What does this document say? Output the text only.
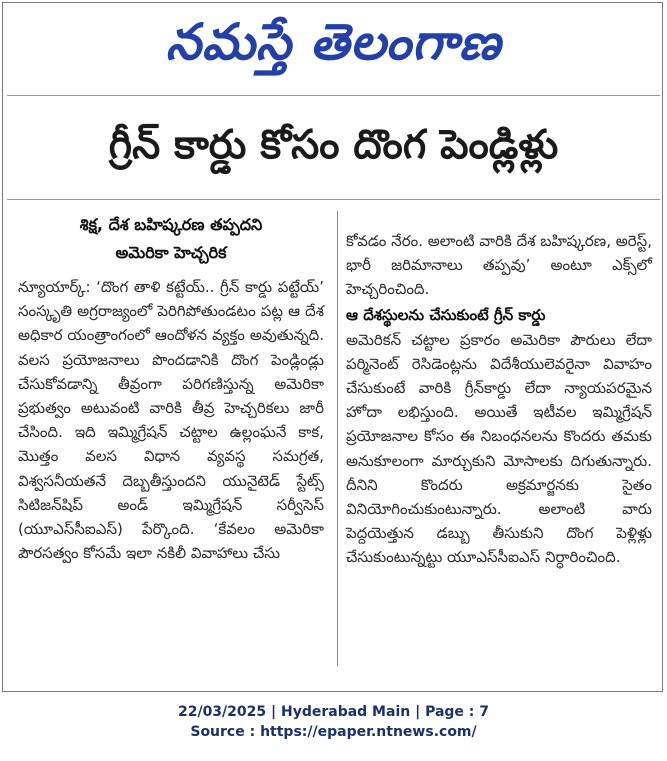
నమస్తే తెలంగాణ
గ్రీన్ కార్డు కోసం దొంగ పెండ్లిళ్లు
శిక్ష, దేశ బహిష్కరణ తప్పదని
అమెరికా హెచ్చరిక

న్యూయార్క్: ‘దొంగ తాళి కట్టేయ్.. గ్రీన్ కార్డు పట్టేయ్’ సంస్కృతి అగ్రరాజ్యంలో పెరిగిపోతుండటం పట్ల ఆ దేశ అధికార యంత్రాంగంలో ఆందోళన వ్యక్తం అవుతున్నది. వలస ప్రయోజనాలు పొందడానికి దొంగ పెండ్లిండ్లు చేసుకోవడాన్ని తీవ్రంగా పరిగణిస్తున్న అమెరికా ప్రభుత్వం అటువంటి వారికి తీవ్ర హెచ్చరికలు జారీ చేసింది. ఇది ఇమ్మిగ్రేషన్ చట్టాల ఉల్లంఘనే కాక, మొత్తం వలస విధాన వ్యవస్థ సమగ్రత, విశ్వసనీయతనే దెబ్బతీస్తుందని యునైటెడ్ స్టేట్స్ సిటిజన్‌షిప్ అండ్ ఇమ్మిగ్రేషన్ సర్వీసెస్ (యూఎస్‌సీఐఎస్) పేర్కొంది. ‘కేవలం అమెరికా పౌరసత్వం కోసమే ఇలా నకిలీ వివాహాలు చేసు

కోవడం నేరం. అలాంటి వారికి దేశ బహిష్కరణ, అరెస్ట్, భారీ జరిమానాలు తప్పవు’ అంటూ ఎక్స్‌లో హెచ్చరించింది.

ఆ దేశస్థులను చేసుకుంటే గ్రీన్ కార్డు

అమెరికన్ చట్టాల ప్రకారం అమెరికా పౌరులు లేదా పర్మినెంట్ రెసిడెంట్లను విదేశీయులెవరైనా వివాహం చేసుకుంటే వారికి గ్రీన్‌కార్డు లేదా న్యాయపరమైన హోదా లభిస్తుంది. అయితే ఇటీవల ఇమ్మిగ్రేషన్ ప్రయోజనాల కోసం ఈ నిబంధనలను కొందరు తమకు అనుకూలంగా మార్చుకుని మోసాలకు దిగుతున్నారు. దీనిని కొందరు అక్రమార్జనకు సైతం వినియోగించుకుంటున్నారు. అలాంటి వారు పెద్దయెత్తున డబ్బు తీసుకుని దొంగ పెళ్లిళ్లు చేసుకుంటున్నట్టు యూఎస్‌సీఐఎస్ నిర్ధారించింది.

22/03/2025 | Hyderabad Main | Page : 7
Source : https://epaper.ntnews.com/
